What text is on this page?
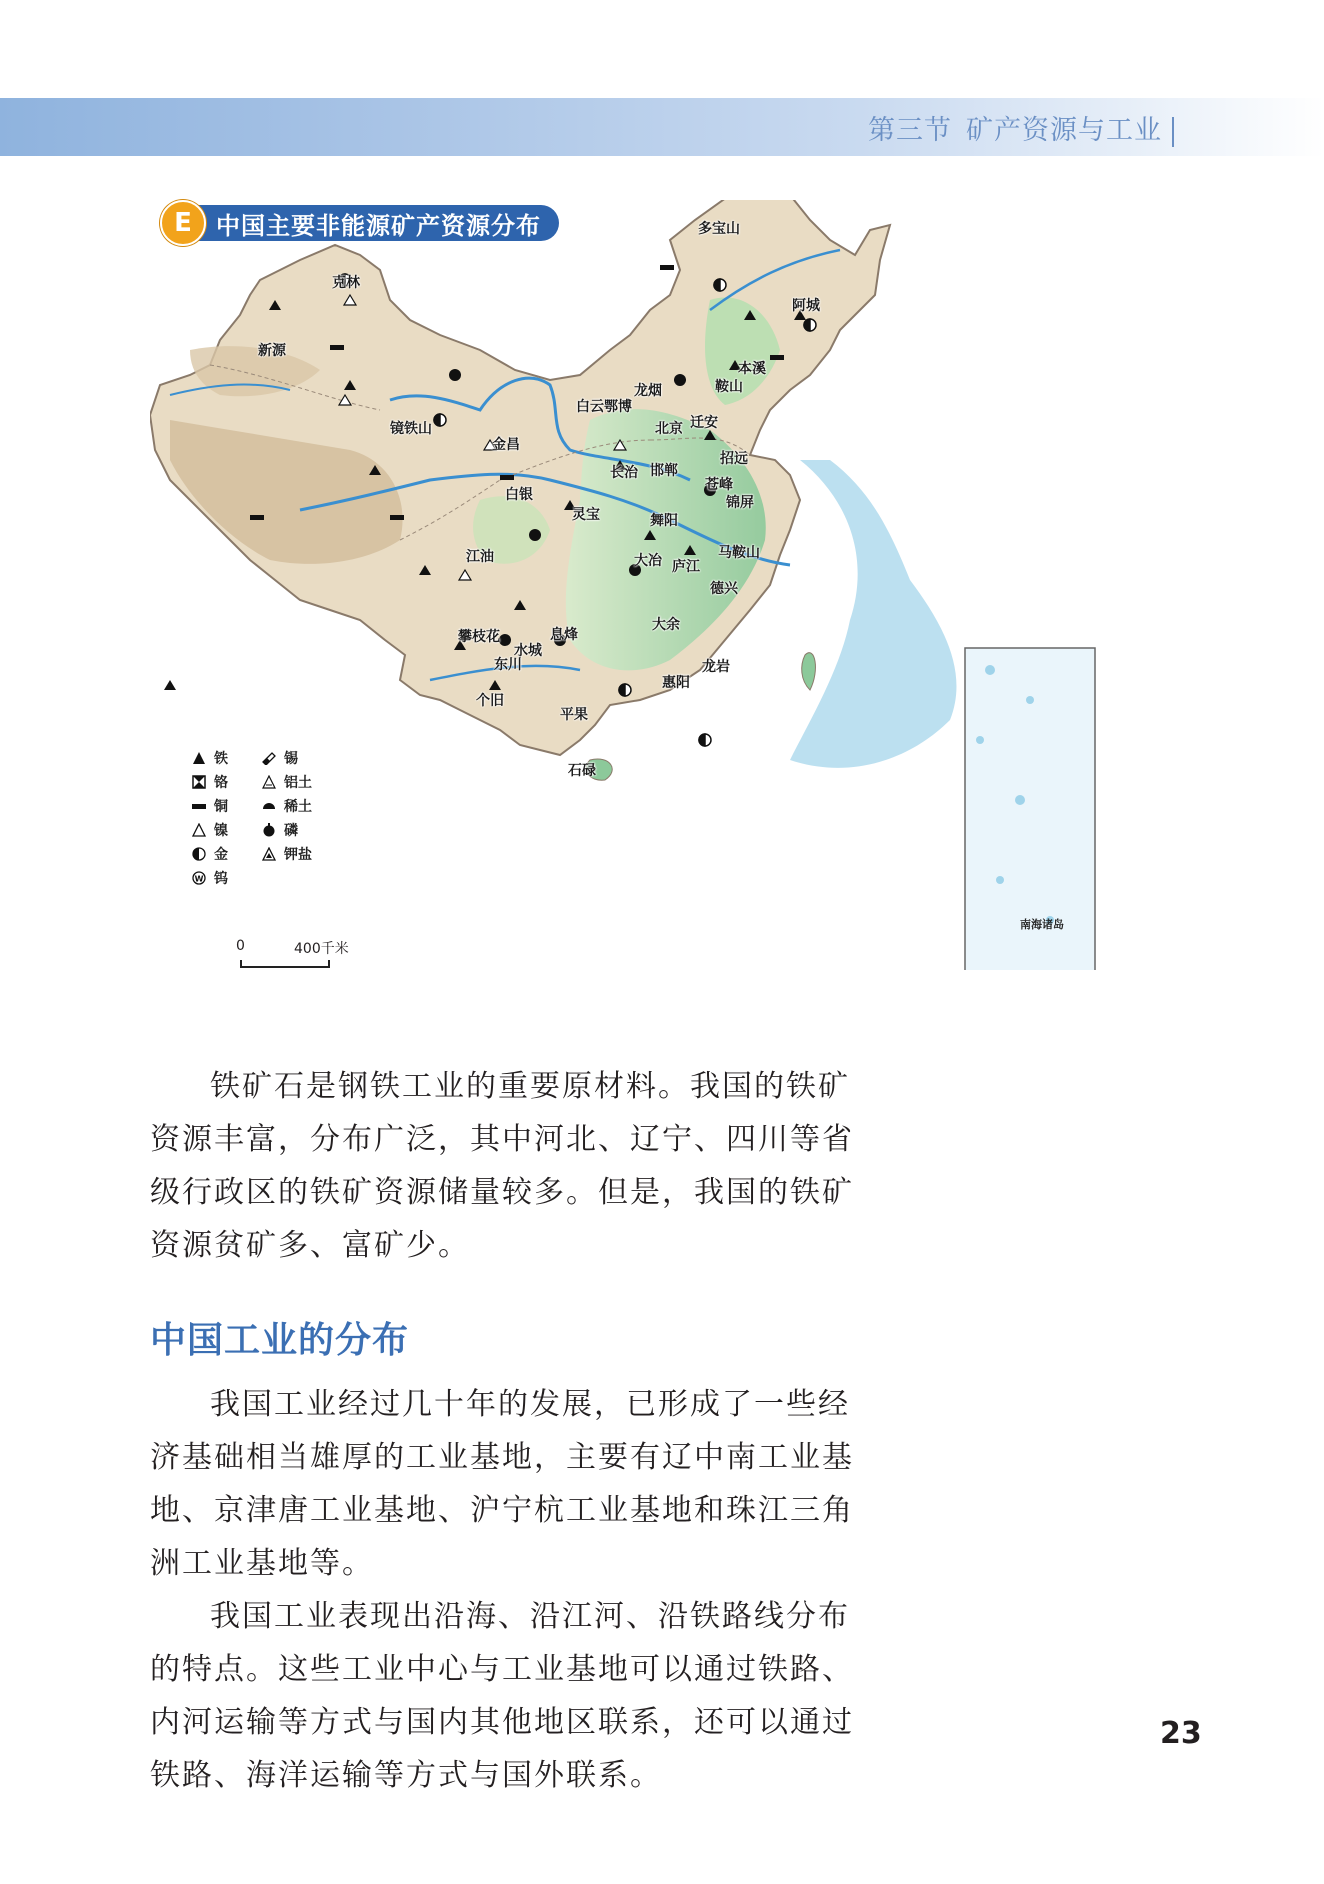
第三节 矿产资源与工业
多宝山
克林
阿城
新源
本溪
鞍山
龙烟
白云鄂博
北京 迁安
镜铁山
金昌
招远
长治 邯郸
苍峰
锦屏
白银
灵宝	舞阳
马鞍山
江油	大冶 庐江
德兴
攀枝花	息烽
大余
水城
东川	龙岩
惠阳
个旧
平果
石碌
E	中国主要非能源矿产资源分布
南海诸岛
铁
铬
铜
镍
金
W 钨
锡
铝土
稀土
磷
钾盐
0	400千米

铁矿石是钢铁工业的重要原材料。我国的铁矿资源丰富，分布广泛，其中河北、辽宁、四川等省级行政区的铁矿资源储量较多。但是，我国的铁矿资源贫矿多、富矿少。

中国工业的分布

我国工业经过几十年的发展，已形成了一些经济基础相当雄厚的工业基地，主要有辽中南工业基地、京津唐工业基地、沪宁杭工业基地和珠江三角洲工业基地等。

我国工业表现出沿海、沿江河、沿铁路线分布的特点。这些工业中心与工业基地可以通过铁路、内河运输等方式与国内其他地区联系，还可以通过铁路、海洋运输等方式与国外联系。

23
